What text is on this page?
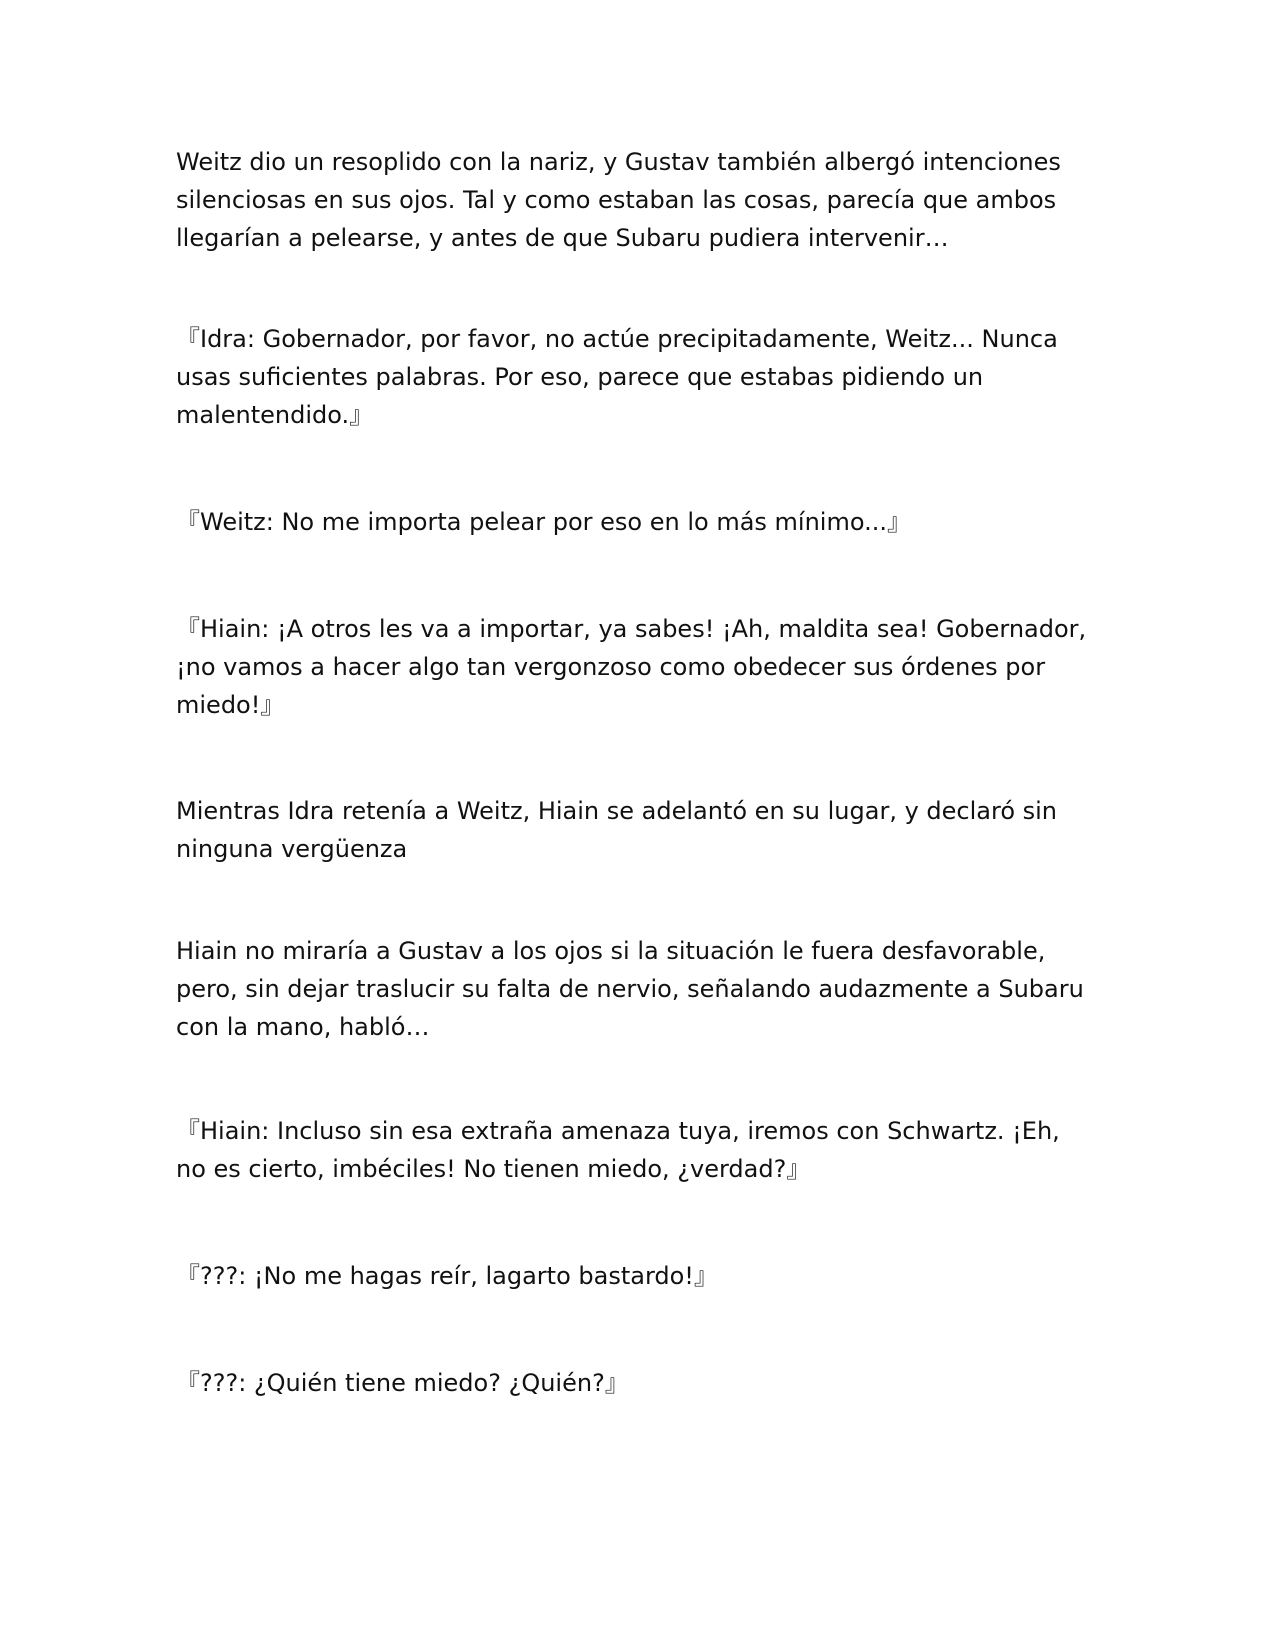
Weitz dio un resoplido con la nariz, y Gustav también albergó intenciones silenciosas en sus ojos. Tal y como estaban las cosas, parecía que ambos llegarían a pelearse, y antes de que Subaru pudiera intervenir…

『Idra: Gobernador, por favor, no actúe precipitadamente, Weitz... Nunca usas suficientes palabras. Por eso, parece que estabas pidiendo un malentendido.』

『Weitz: No me importa pelear por eso en lo más mínimo...』

『Hiain: ¡A otros les va a importar, ya sabes! ¡Ah, maldita sea! Gobernador, ¡no vamos a hacer algo tan vergonzoso como obedecer sus órdenes por miedo!』

Mientras Idra retenía a Weitz, Hiain se adelantó en su lugar, y declaró sin ninguna vergüenza

Hiain no miraría a Gustav a los ojos si la situación le fuera desfavorable, pero, sin dejar traslucir su falta de nervio, señalando audazmente a Subaru con la mano, habló…

『Hiain: Incluso sin esa extraña amenaza tuya, iremos con Schwartz. ¡Eh, no es cierto, imbéciles! No tienen miedo, ¿verdad?』

『???: ¡No me hagas reír, lagarto bastardo!』

『???: ¿Quién tiene miedo? ¿Quién?』
